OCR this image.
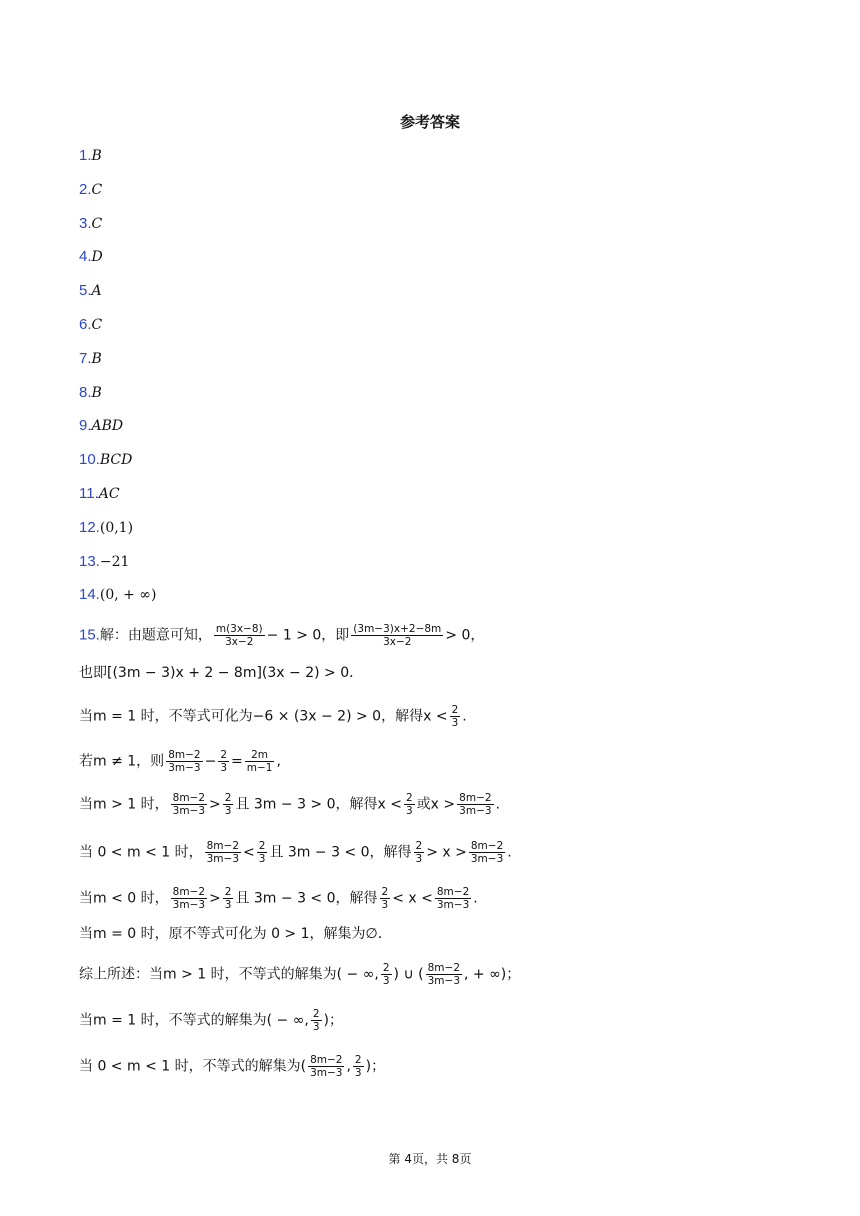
参考答案
1.B
2.C
3.C
4.D
5.A
6.C
7.B
8.B
9.ABD
10.BCD
11.AC
12.(0,1)
13.−21
14.(0, + ∞)
15.解：由题意可知， $\frac{m(3x-8)}{3x-2} - 1 > 0$，即 $\frac{(3m-3)x+2-8m}{3x-2} > 0$，
也即[(3m − 3)x + 2 − 8m](3x − 2) > 0．
当m = 1 时，不等式可化为−6 × (3x − 2) > 0，解得$x < \frac{2}{3}$ .
若m ≠ 1，则 $\frac{8m-2}{3m-3} - \frac{2}{3} = \frac{2m}{m-1}$ ,
当m > 1 时， $\frac{8m-2}{3m-3} > \frac{2}{3}$ 且 3m − 3 > 0，解得$x < \frac{2}{3}$ 或$x > \frac{8m-2}{3m-3}$ .
当 0 < m < 1 时， $\frac{8m-2}{3m-3} < \frac{2}{3}$ 且 3m − 3 < 0，解得 $\frac{2}{3} > x > \frac{8m-2}{3m-3}$ .
当m < 0 时， $\frac{8m-2}{3m-3} > \frac{2}{3}$ 且 3m − 3 < 0，解得 $\frac{2}{3} < x < \frac{8m-2}{3m-3}$ .
当m = 0 时，原不等式可化为 0 > 1，解集为∅．
综上所述：当m > 1 时，不等式的解集为( − ∞, $\frac{2}{3}$ ) ∪ ( $\frac{8m-2}{3m-3}$ , + ∞)；
当m = 1 时，不等式的解集为( − ∞, $\frac{2}{3}$ )；
当 0 < m < 1 时，不等式的解集为( $\frac{8m-2}{3m-3}$ , $\frac{2}{3}$ )；
第 4页，共 8页
